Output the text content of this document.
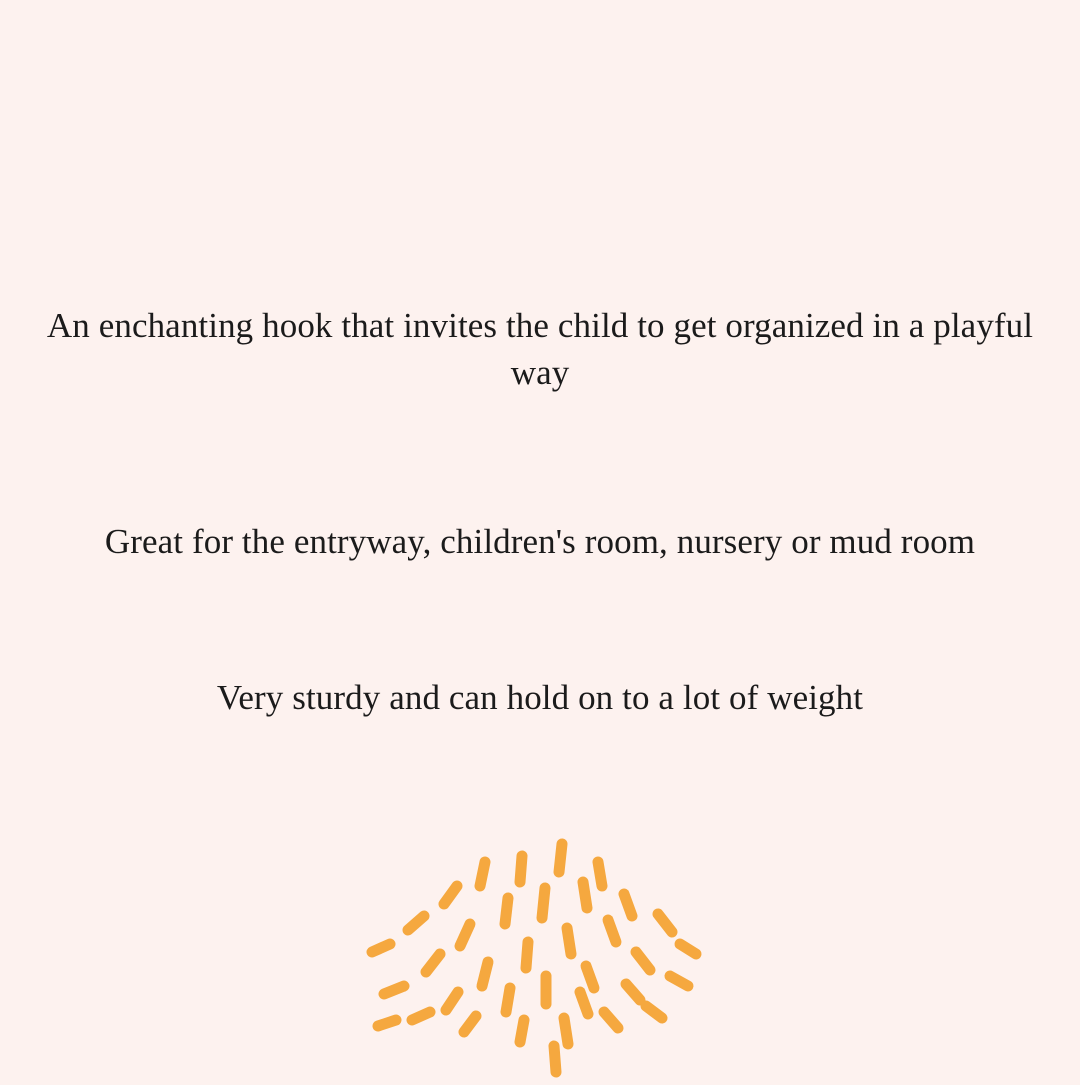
An enchanting hook that invites the child to get organized in a playful way
Great for the entryway, children's room, nursery or mud room
Very sturdy and can hold on to a lot of weight
